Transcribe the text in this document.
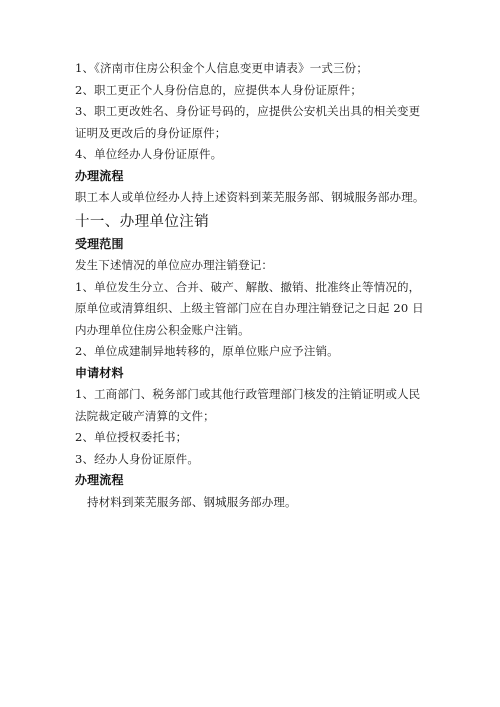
1、《济南市住房公积金个人信息变更申请表》一式三份；
2、职工更正个人身份信息的，应提供本人身份证原件；
3、职工更改姓名、身份证号码的，应提供公安机关出具的相关变更
证明及更改后的身份证原件；
4、单位经办人身份证原件。
办理流程
职工本人或单位经办人持上述资料到莱芜服务部、钢城服务部办理。
十一、办理单位注销
受理范围
发生下述情况的单位应办理注销登记：
1、单位发生分立、合并、破产、解散、撤销、批准终止等情况的，
原单位或清算组织、上级主管部门应在自办理注销登记之日起 20 日
内办理单位住房公积金账户注销。
2、单位成建制异地转移的，原单位账户应予注销。
申请材料
1、工商部门、税务部门或其他行政管理部门核发的注销证明或人民
法院裁定破产清算的文件；
2、单位授权委托书；
3、经办人身份证原件。
办理流程
持材料到莱芜服务部、钢城服务部办理。
